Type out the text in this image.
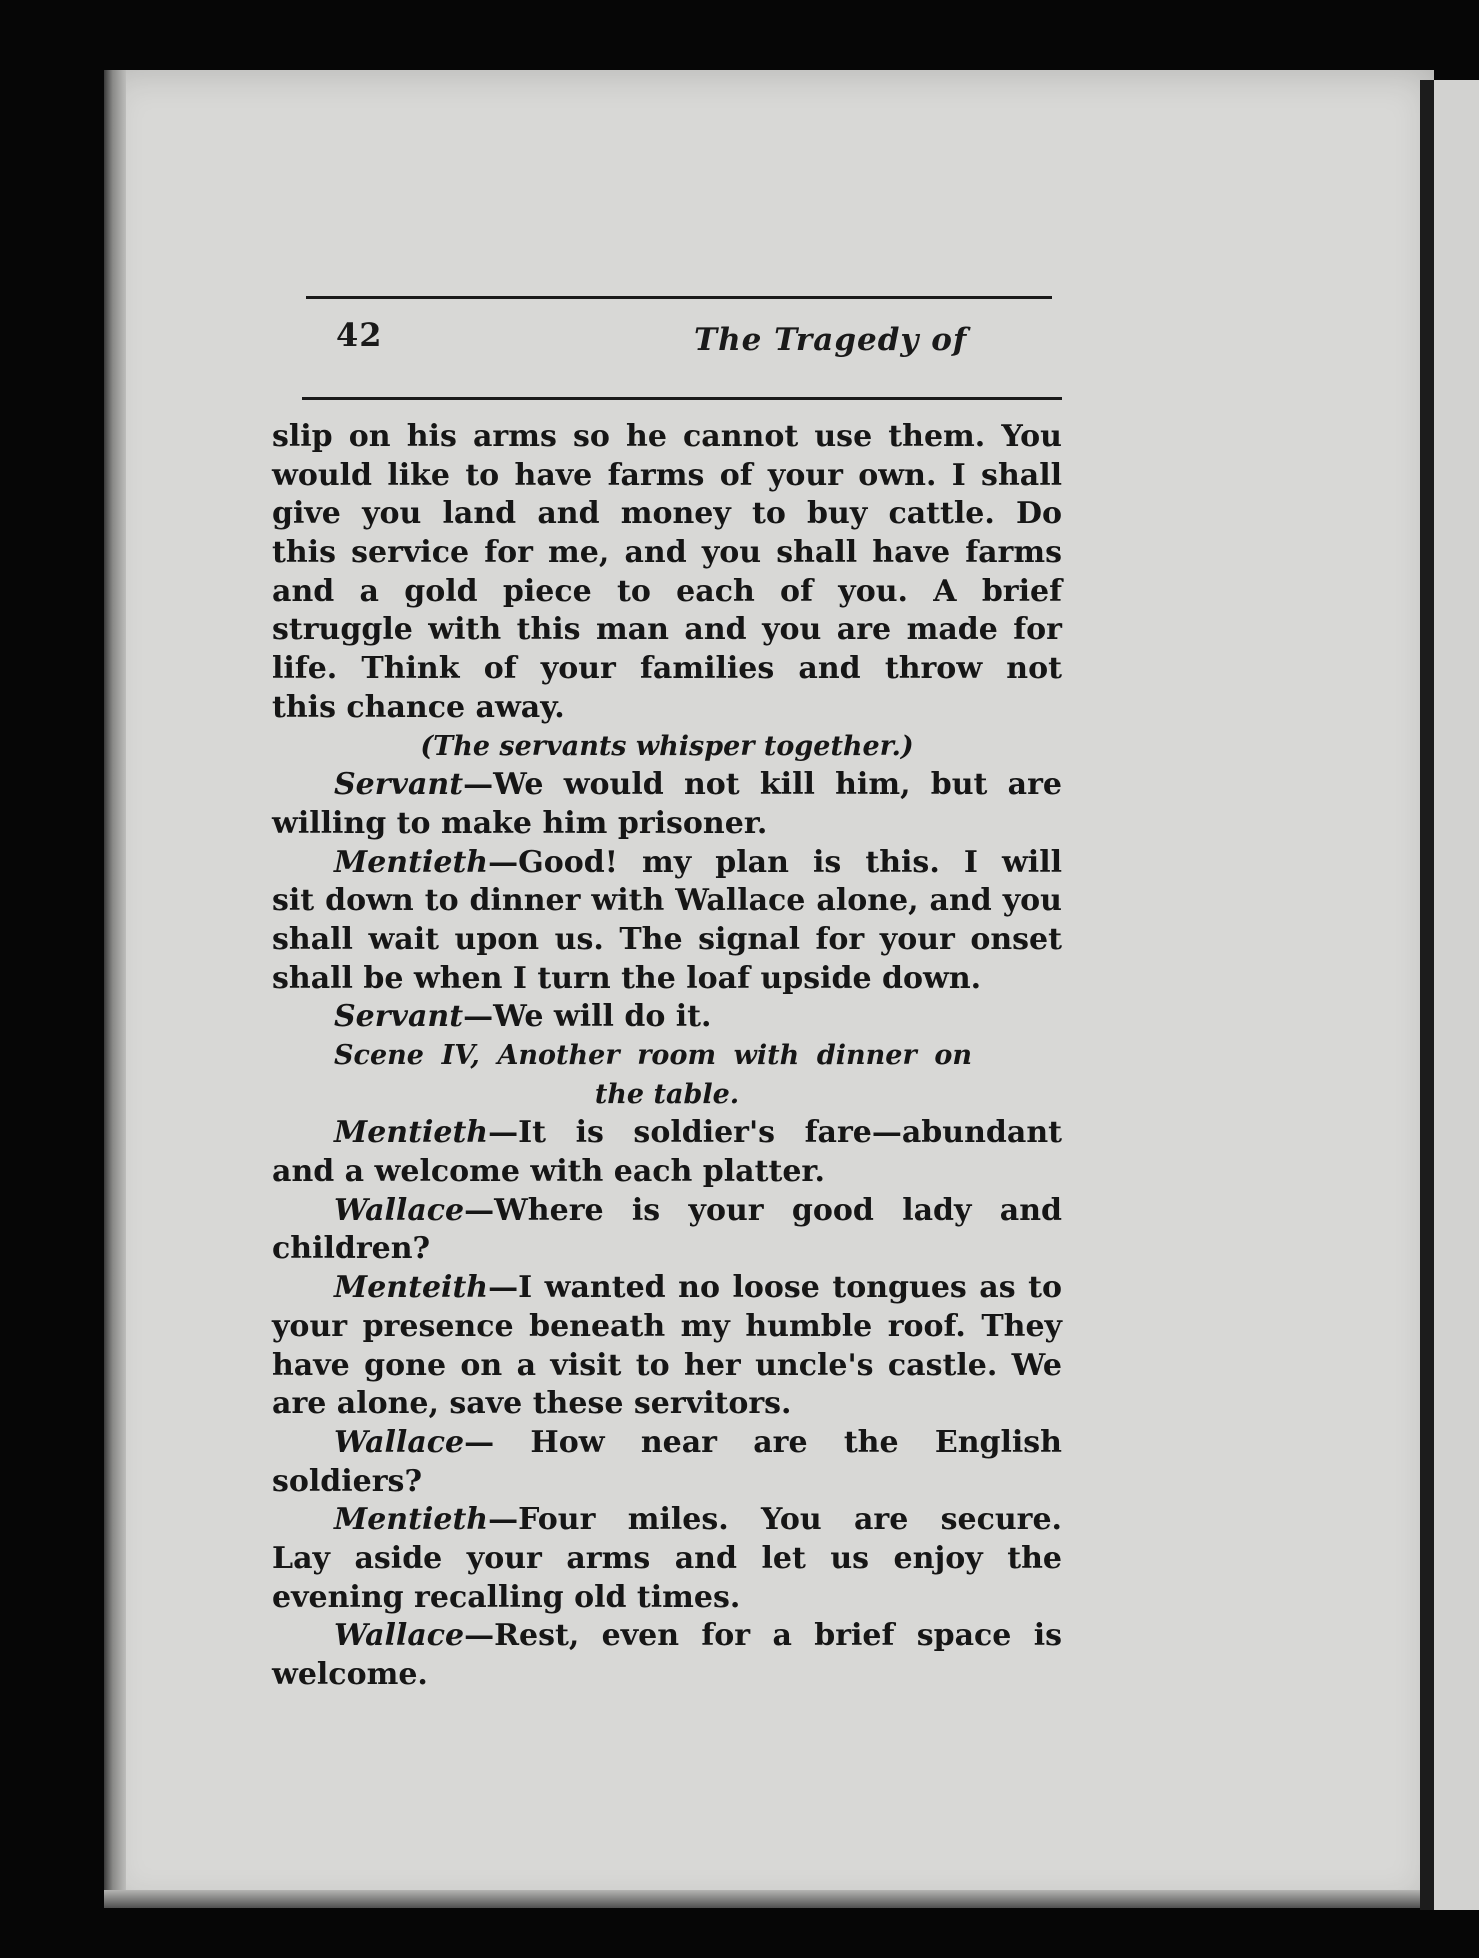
42	The Tragedy of
slip on his arms so he cannot use them. You
would like to have farms of your own. I shall
give you land and money to buy cattle. Do
this service for me, and you shall have farms
and a gold piece to each of you. A brief
struggle with this man and you are made for
life. Think of your families and throw not
this chance away.
(The servants whisper together.)
Servant—We would not kill him, but are
willing to make him prisoner.
Mentieth—Good! my plan is this. I will
sit down to dinner with Wallace alone, and you
shall wait upon us. The signal for your onset
shall be when I turn the loaf upside down.
Servant—We will do it.
Scene IV, Another room with dinner on
the table.
Mentieth—It is soldier's fare—abundant
and a welcome with each platter.
Wallace—Where is your good lady and
children?
Menteith—I wanted no loose tongues as to
your presence beneath my humble roof. They
have gone on a visit to her uncle's castle. We
are alone, save these servitors.
Wallace— How near are the English
soldiers?
Mentieth—Four miles. You are secure.
Lay aside your arms and let us enjoy the
evening recalling old times.
Wallace—Rest, even for a brief space is
welcome.
